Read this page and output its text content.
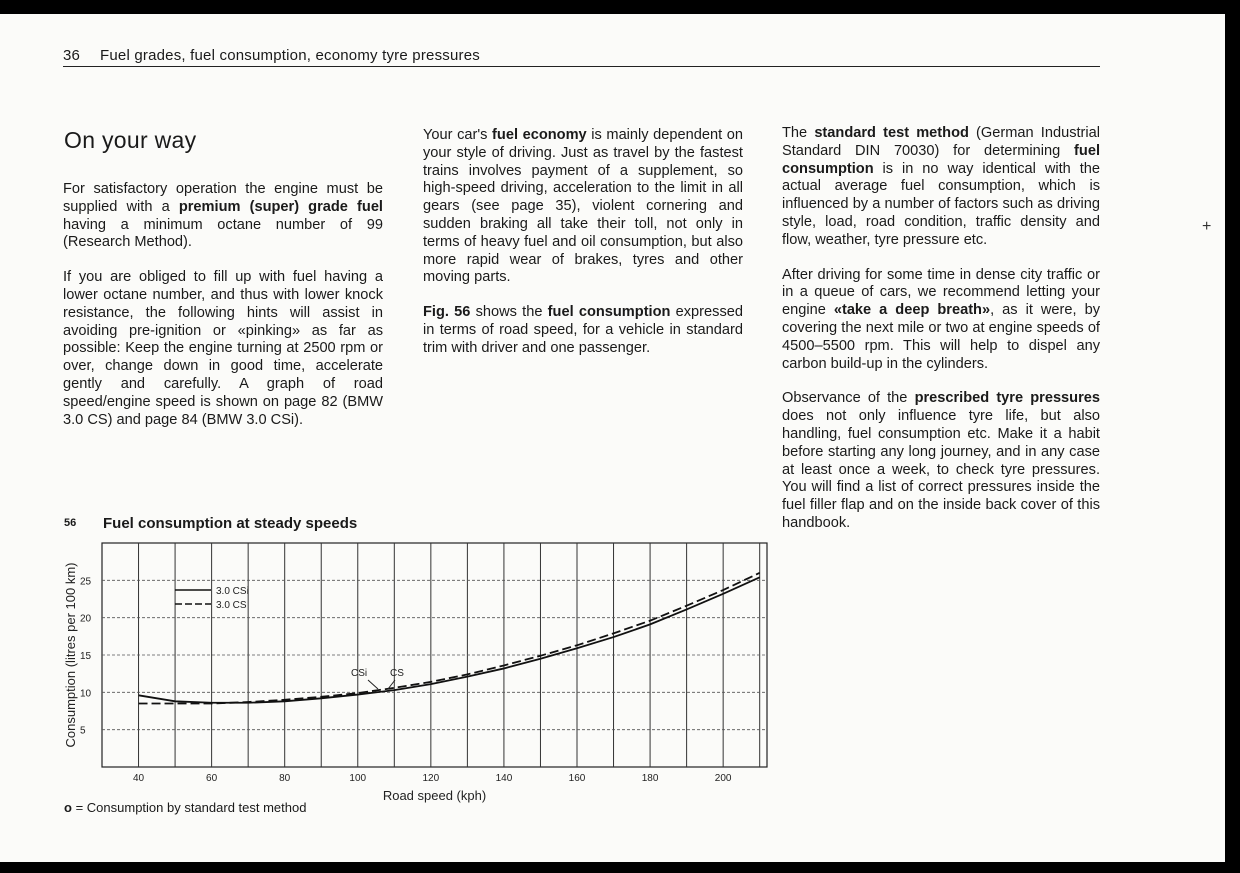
36 Fuel grades, fuel consumption, economy tyre pressures
On your way

For satisfactory operation the engine must be supplied with a premium (super) grade fuel having a minimum octane number of 99 (Research Method).

If you are obliged to fill up with fuel having a lower octane number, and thus with lower knock resistance, the following hints will assist in avoiding pre-ignition or «pinking» as far as possible: Keep the engine turning at 2500 rpm or over, change down in good time, accelerate gently and carefully. A graph of road speed/engine speed is shown on page 82 (BMW 3.0 CS) and page 84 (BMW 3.0 CSi).

Your car's fuel economy is mainly dependent on your style of driving. Just as travel by the fastest trains involves payment of a supplement, so high-speed driving, acceleration to the limit in all gears (see page 35), violent cornering and sudden braking all take their toll, not only in terms of heavy fuel and oil consumption, but also more rapid wear of brakes, tyres and other moving parts.

Fig. 56 shows the fuel consumption expressed in terms of road speed, for a vehicle in standard trim with driver and one passenger.

The standard test method (German Industrial Standard DIN 70030) for determining fuel consumption is in no way identical with the actual average fuel consumption, which is influenced by a number of factors such as driving style, load, road condition, traffic density and flow, weather, tyre pressure etc.

After driving for some time in dense city traffic or in a queue of cars, we recommend letting your engine «take a deep breath», as it were, by covering the next mile or two at engine speeds of 4500–5500 rpm. This will help to dispel any carbon build-up in the cylinders.

Observance of the prescribed tyre pressures does not only influence tyre life, but also handling, fuel consumption etc. Make it a habit before starting any long journey, and in any case at least once a week, to check tyre pressures. You will find a list of correct pressures inside the fuel filler flap and on the inside back cover of this handbook.

+
56 Fuel consumption at steady speeds
40	60	80	100	120	140	160	180	200
5
10
15
20
25
Road speed (kph)
Consumption (litres per 100 km)	3.0 CSi
3.0 CS
CSi CS
o = Consumption by standard test method
